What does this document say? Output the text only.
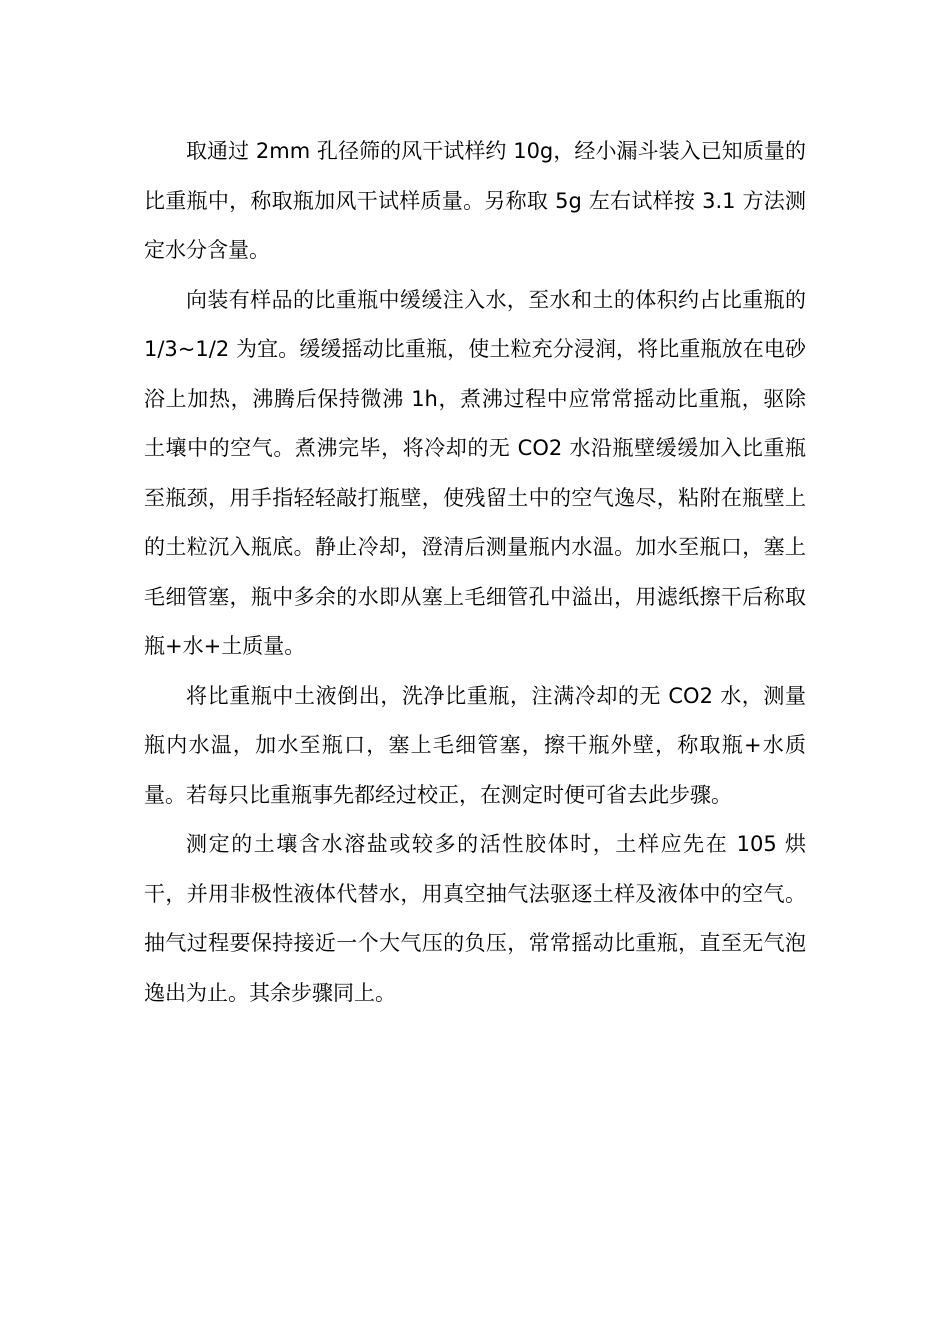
取通过 2mm 孔径筛的风干试样约 10g，经小漏斗装入已知质量的比重瓶中，称取瓶加风干试样质量。另称取 5g 左右试样按 3.1 方法测定水分含量。

向装有样品的比重瓶中缓缓注入水，至水和土的体积约占比重瓶的 1/3~1/2 为宜。缓缓摇动比重瓶，使土粒充分浸润，将比重瓶放在电砂浴上加热，沸腾后保持微沸 1h，煮沸过程中应常常摇动比重瓶，驱除土壤中的空气。煮沸完毕，将冷却的无 CO2 水沿瓶壁缓缓加入比重瓶至瓶颈，用手指轻轻敲打瓶壁，使残留土中的空气逸尽，粘附在瓶壁上的土粒沉入瓶底。静止冷却，澄清后测量瓶内水温。加水至瓶口，塞上毛细管塞，瓶中多余的水即从塞上毛细管孔中溢出，用滤纸擦干后称取瓶+水+土质量。

将比重瓶中土液倒出，洗净比重瓶，注满冷却的无 CO2 水，测量瓶内水温，加水至瓶口，塞上毛细管塞，擦干瓶外壁，称取瓶+水质量。若每只比重瓶事先都经过校正，在测定时便可省去此步骤。

测定的土壤含水溶盐或较多的活性胶体时，土样应先在 105 烘干，并用非极性液体代替水，用真空抽气法驱逐土样及液体中的空气。抽气过程要保持接近一个大气压的负压，常常摇动比重瓶，直至无气泡逸出为止。其余步骤同上。
